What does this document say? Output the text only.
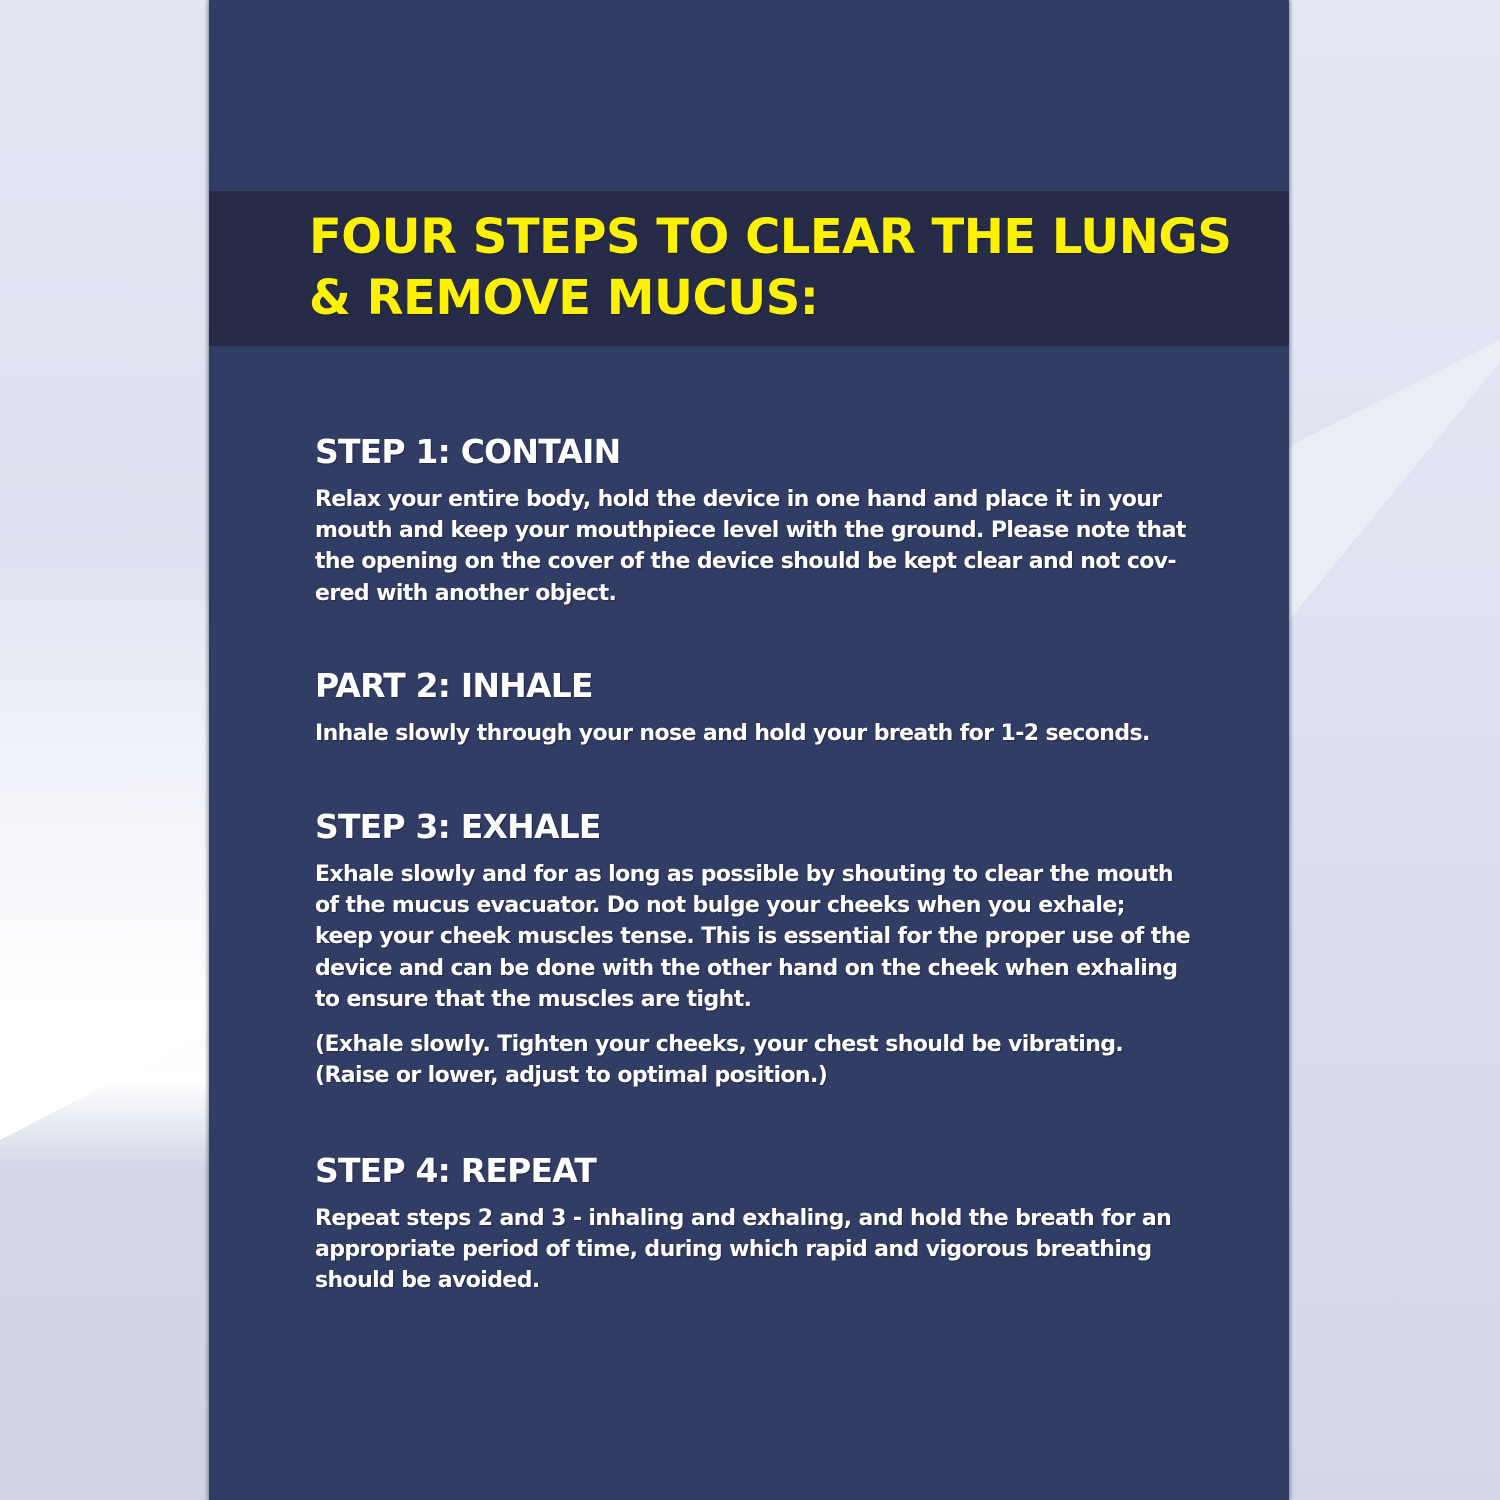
FOUR STEPS TO CLEAR THE LUNGS
& REMOVE MUCUS:
STEP 1: CONTAIN

Relax your entire body, hold the device in one hand and place it in your
mouth and keep your mouthpiece level with the ground. Please note that
the opening on the cover of the device should be kept clear and not cov-
ered with another object.

PART 2: INHALE

Inhale slowly through your nose and hold your breath for 1-2 seconds.

STEP 3: EXHALE

Exhale slowly and for as long as possible by shouting to clear the mouth
of the mucus evacuator. Do not bulge your cheeks when you exhale;
keep your cheek muscles tense. This is essential for the proper use of the
device and can be done with the other hand on the cheek when exhaling
to ensure that the muscles are tight.

(Exhale slowly. Tighten your cheeks, your chest should be vibrating.
(Raise or lower, adjust to optimal position.)

STEP 4: REPEAT

Repeat steps 2 and 3 - inhaling and exhaling, and hold the breath for an
appropriate period of time, during which rapid and vigorous breathing
should be avoided.
